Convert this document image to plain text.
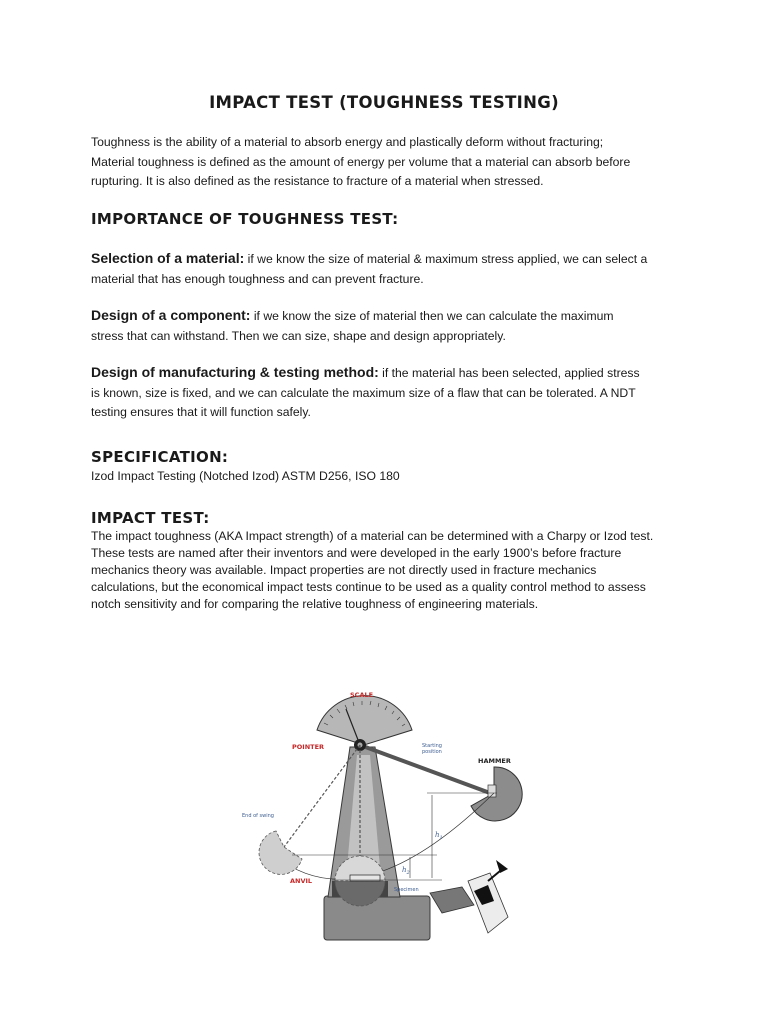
IMPACT TEST (TOUGHNESS TESTING)

Toughness is the ability of a material to absorb energy and plastically deform without fracturing;
Material toughness is defined as the amount of energy per volume that a material can absorb before
rupturing. It is also defined as the resistance to fracture of a material when stressed.

IMPORTANCE OF TOUGHNESS TEST:

Selection of a material: if we know the size of material & maximum stress applied, we can select a
material that has enough toughness and can prevent fracture.

Design of a component: if we know the size of material then we can calculate the maximum
stress that can withstand. Then we can size, shape and design appropriately.

Design of manufacturing & testing method: if the material has been selected, applied stress
is known, size is fixed, and we can calculate the maximum size of a flaw that can be tolerated. A NDT
testing ensures that it will function safely.

SPECIFICATION:

Izod Impact Testing (Notched Izod) ASTM D256, ISO 180

IMPACT TEST:

The impact toughness (AKA Impact strength) of a material can be determined with a Charpy or Izod test.
These tests are named after their inventors and were developed in the early 1900’s before fracture
mechanics theory was available. Impact properties are not directly used in fracture mechanics
calculations, but the economical impact tests continue to be used as a quality control method to assess
notch sensitivity and for comparing the relative toughness of engineering materials.

SCALE
POINTER
HAMMER
ANVIL
Starting position
End of swing
Specimen
$h_1$
$h_2$
